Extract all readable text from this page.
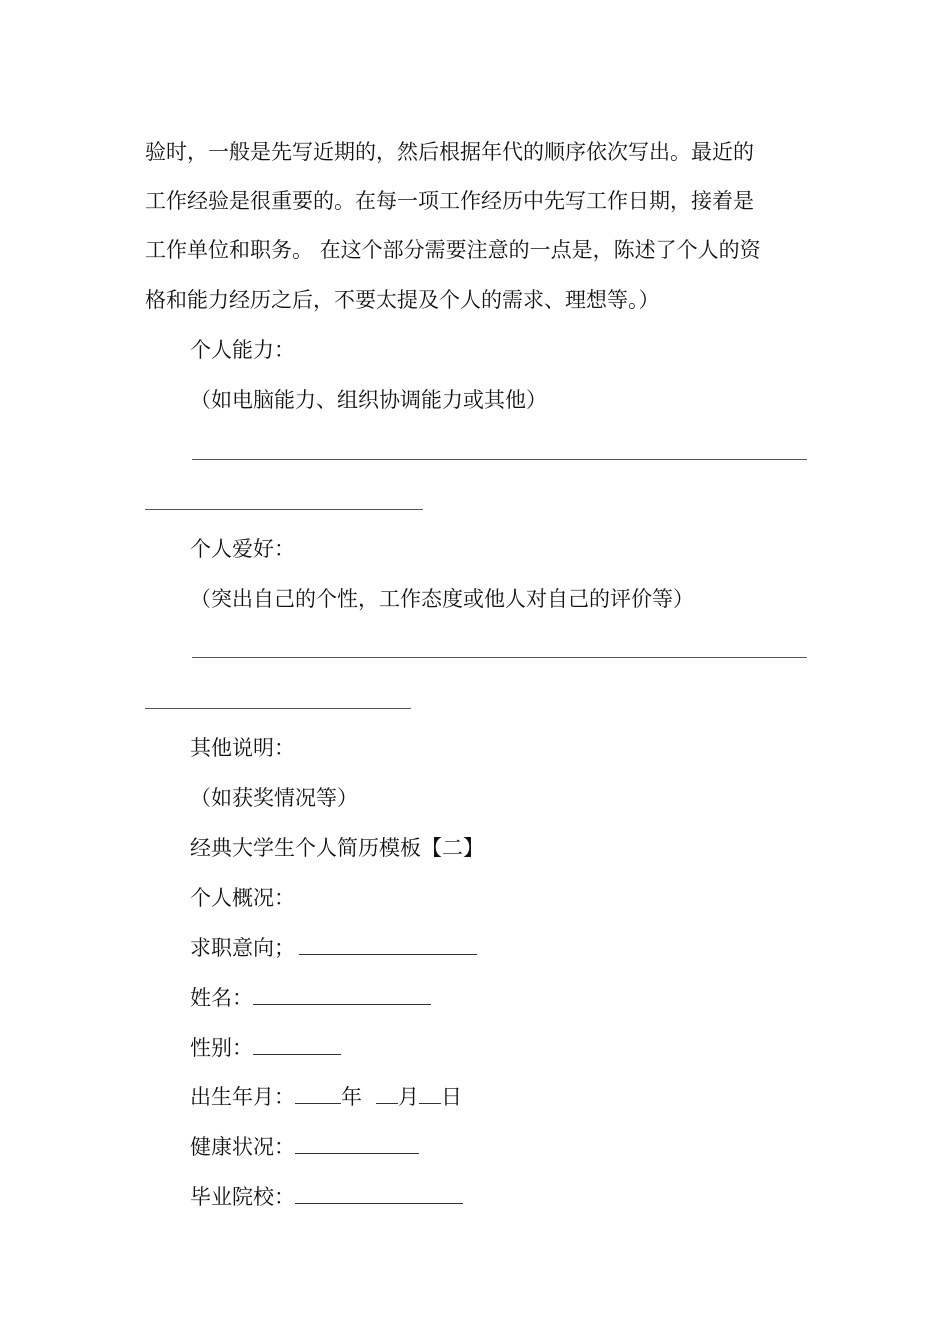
验时，一般是先写近期的，然后根据年代的顺序依次写出。最近的
工作经验是很重要的。在每一项工作经历中先写工作日期，接着是
工作单位和职务。 在这个部分需要注意的一点是，陈述了个人的资
格和能力经历之后，不要太提及个人的需求、理想等。）
个人能力：
（如电脑能力、组织协调能力或其他）
个人爱好：
（突出自己的个性，工作态度或他人对自己的评价等）
其他说明：
（如获奖情况等）
经典大学生个人简历模板【二】
个人概况：
求职意向；
姓名：
性别：
出生年月： 年 月 日
健康状况：
毕业院校：
